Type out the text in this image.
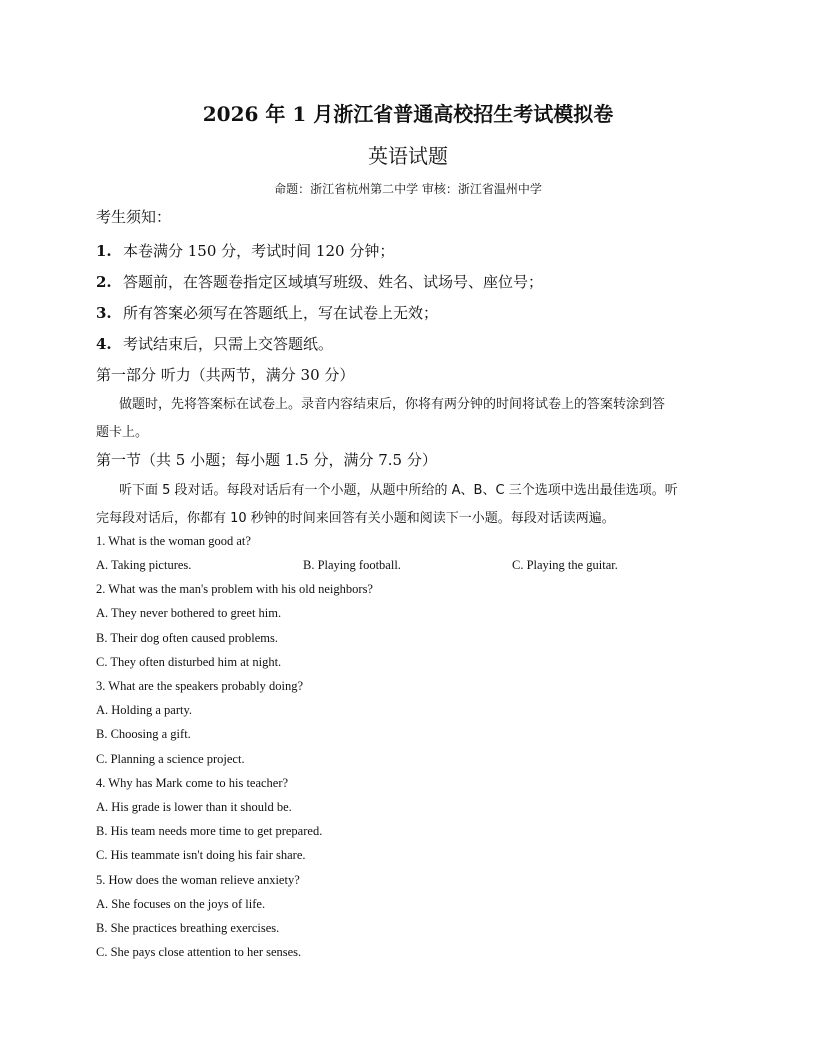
2026 年 1 月浙江省普通高校招生考试模拟卷
英语试题
命题：浙江省杭州第二中学 审核：浙江省温州中学
考生须知：
1. 本卷满分 150 分，考试时间 120 分钟；
2. 答题前，在答题卷指定区域填写班级、姓名、试场号、座位号；
3. 所有答案必须写在答题纸上，写在试卷上无效；
4. 考试结束后，只需上交答题纸。
第一部分 听力（共两节，满分 30 分）
做题时，先将答案标在试卷上。录音内容结束后，你将有两分钟的时间将试卷上的答案转涂到答
题卡上。
第一节（共 5 小题；每小题 1.5 分，满分 7.5 分）
听下面 5 段对话。每段对话后有一个小题，从题中所给的 A、B、C 三个选项中选出最佳选项。听
完每段对话后，你都有 10 秒钟的时间来回答有关小题和阅读下一小题。每段对话读两遍。
1. What is the woman good at?
A. Taking pictures.	B. Playing football.	C. Playing the guitar.
2. What was the man's problem with his old neighbors?
A. They never bothered to greet him.
B. Their dog often caused problems.
C. They often disturbed him at night.
3. What are the speakers probably doing?
A. Holding a party.
B. Choosing a gift.
C. Planning a science project.
4. Why has Mark come to his teacher?
A. His grade is lower than it should be.
B. His team needs more time to get prepared.
C. His teammate isn't doing his fair share.
5. How does the woman relieve anxiety?
A. She focuses on the joys of life.
B. She practices breathing exercises.
C. She pays close attention to her senses.
